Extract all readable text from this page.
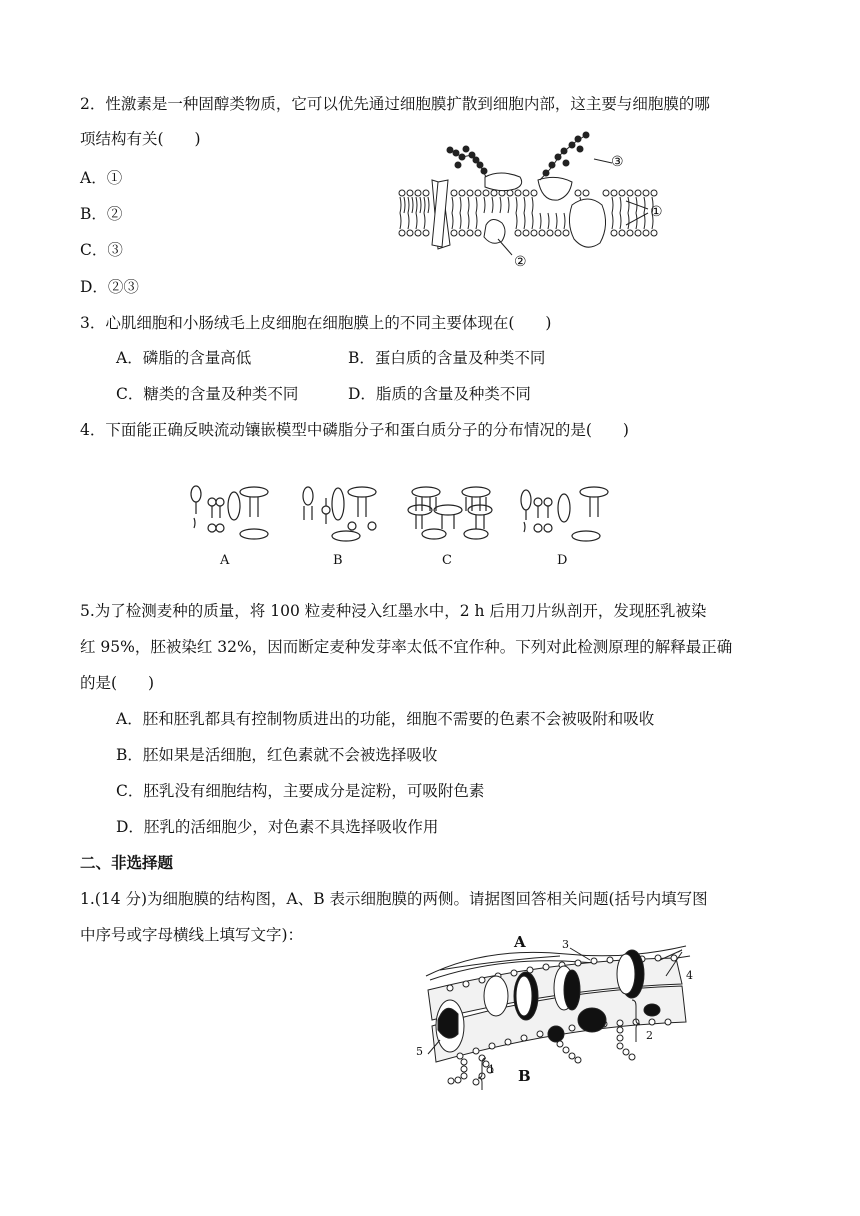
2．性激素是一种固醇类物质，它可以优先通过细胞膜扩散到细胞内部，这主要与细胞膜的哪
项结构有关(　　)
A．①
B．②
C．③
D．②③
③
①
②
3．心肌细胞和小肠绒毛上皮细胞在细胞膜上的不同主要体现在(　　)
A．磷脂的含量高低	B．蛋白质的含量及种类不同
C．糖类的含量及种类不同	D．脂质的含量及种类不同
4．下面能正确反映流动镶嵌模型中磷脂分子和蛋白质分子的分布情况的是(　　)
A	B	C	D
5.为了检测麦种的质量，将 100 粒麦种浸入红墨水中，2 h 后用刀片纵剖开，发现胚乳被染
红 95%，胚被染红 32%，因而断定麦种发芽率太低不宜作种。下列对此检测原理的解释最正确
的是(　　)
A．胚和胚乳都具有控制物质进出的功能，细胞不需要的色素不会被吸附和吸收
B．胚如果是活细胞，红色素就不会被选择吸收
C．胚乳没有细胞结构，主要成分是淀粉，可吸附色素
D．胚乳的活细胞少，对色素不具选择吸收作用
二、非选择题
1.(14 分)为细胞膜的结构图，A、B 表示细胞膜的两侧。请据图回答相关问题(括号内填写图
中序号或字母横线上填写文字)：	A	3
4
2
5
1 B
